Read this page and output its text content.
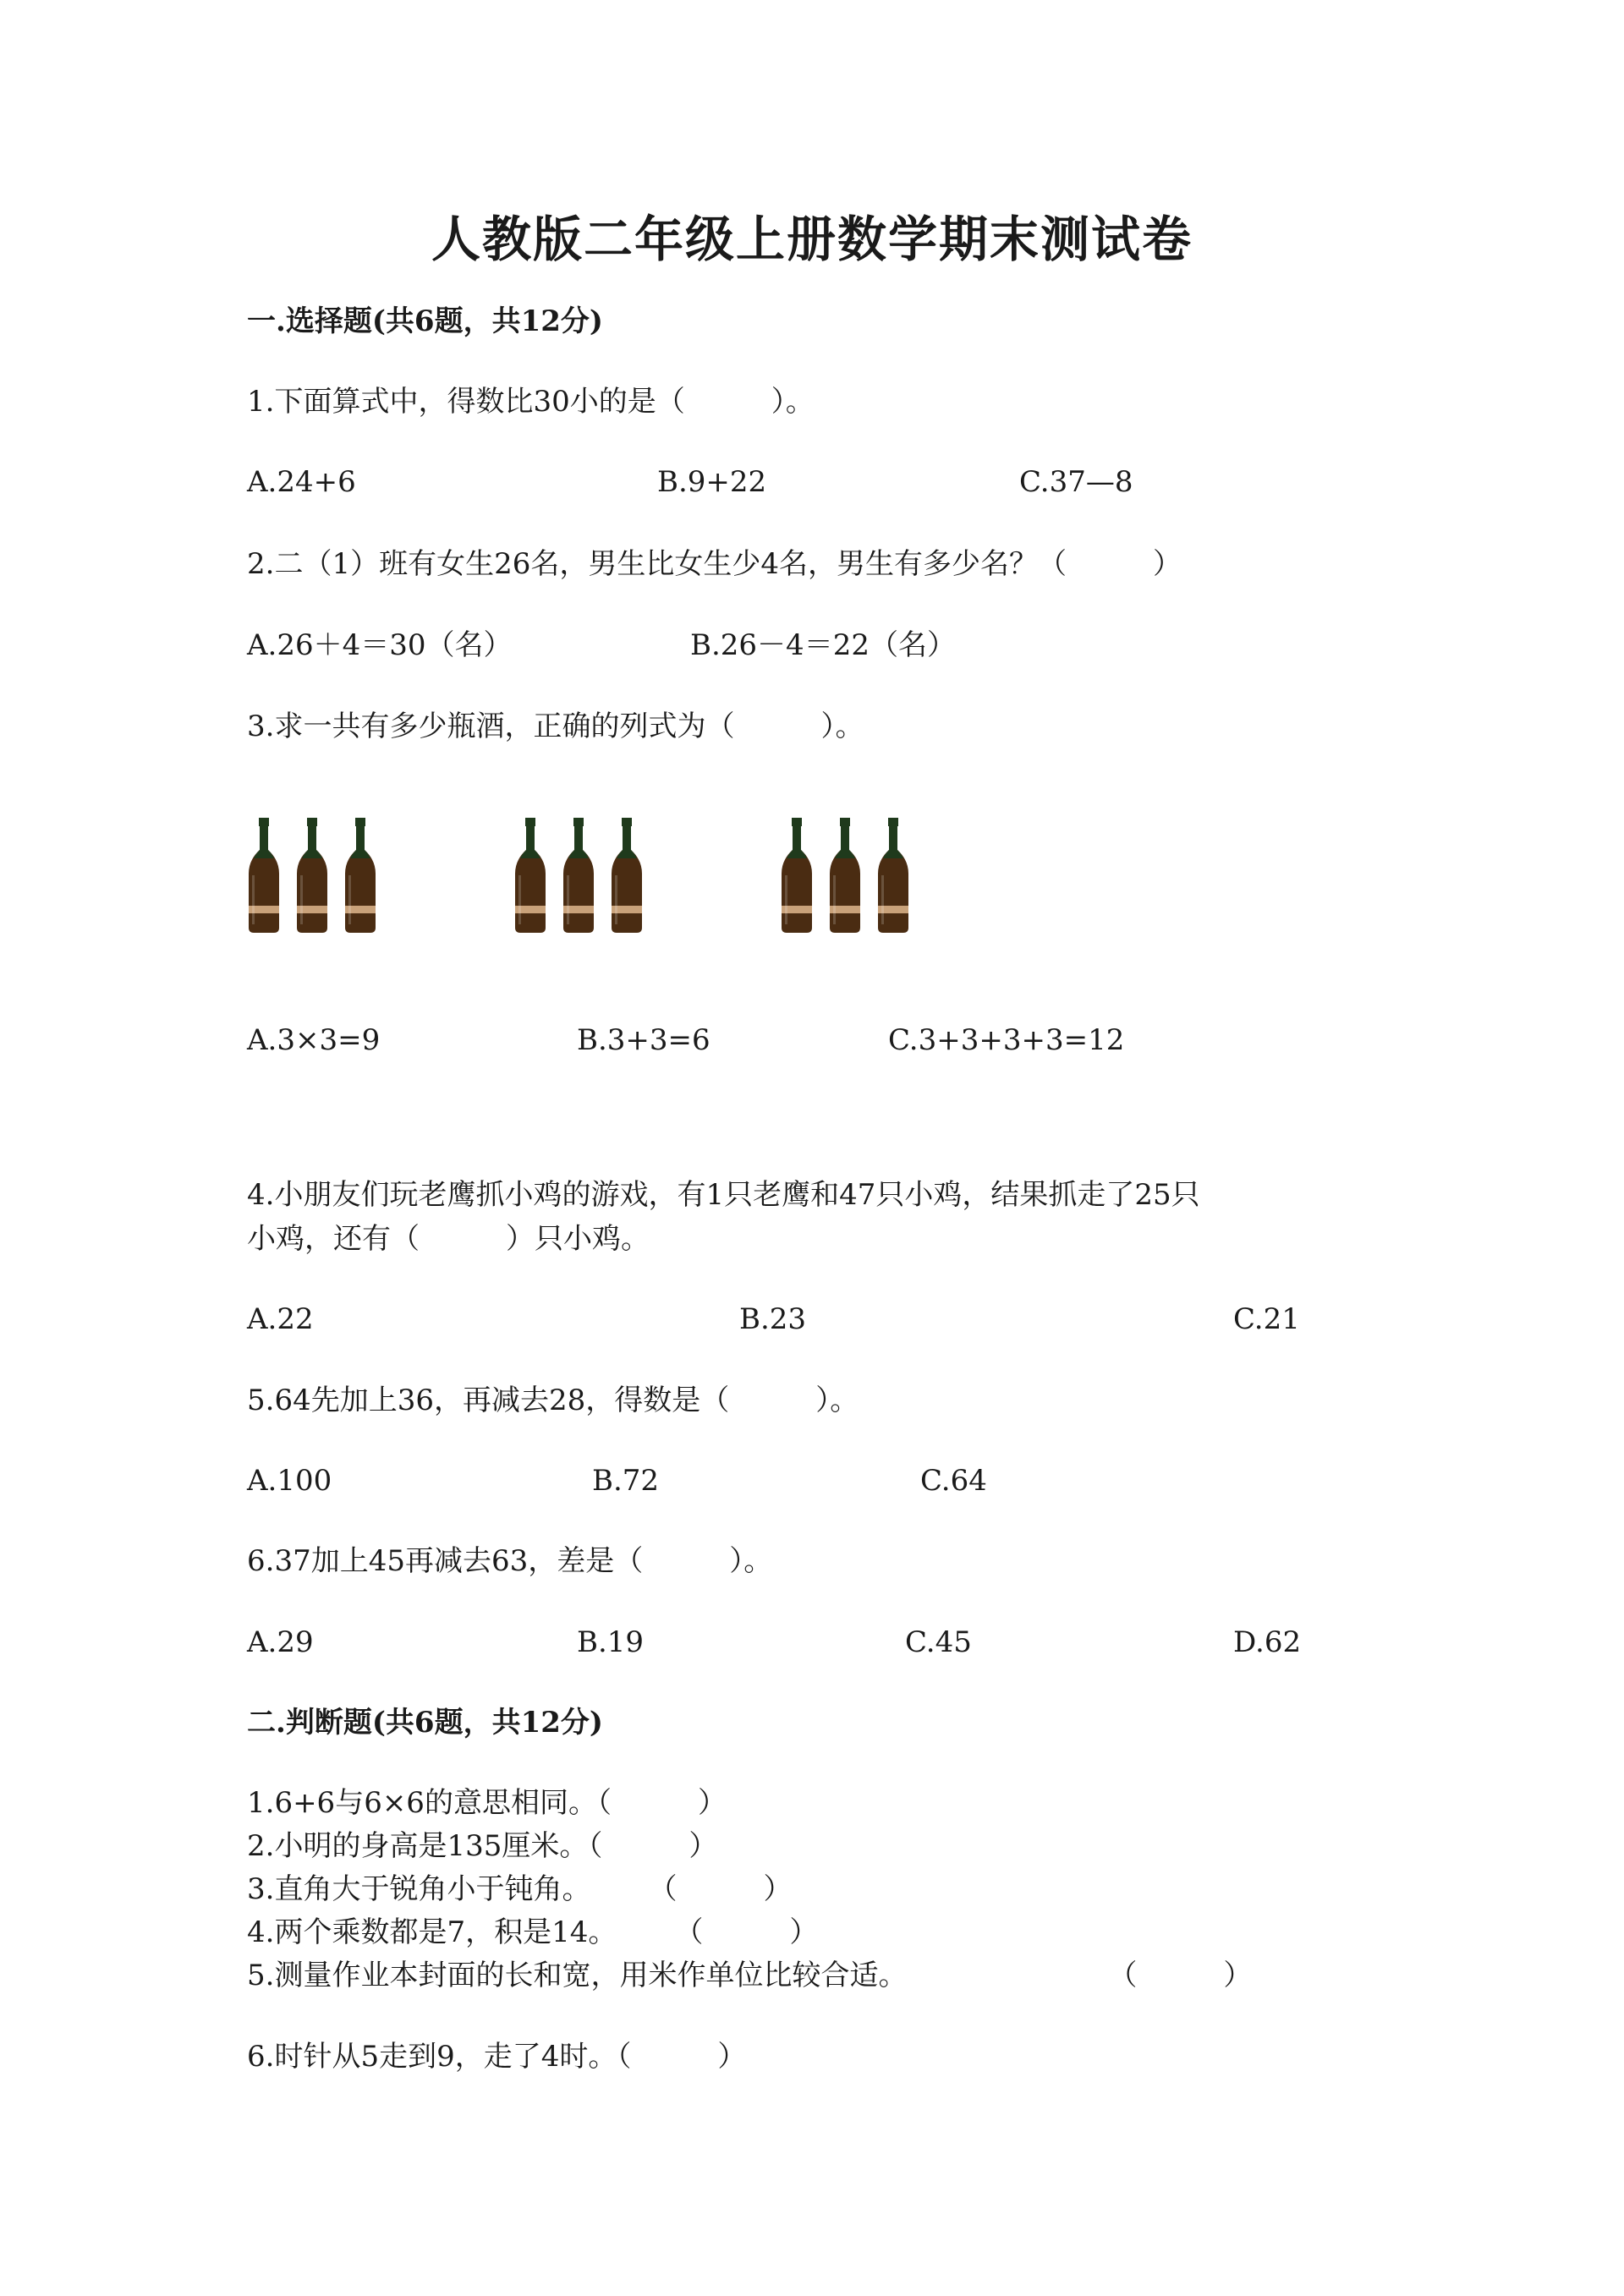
人教版二年级上册数学期末测试卷
一.选择题(共6题，共12分)
1.下面算式中，得数比30小的是（　　　）。
A.24+6	B.9+22	C.37—8
2.二（1）班有女生26名，男生比女生少4名，男生有多少名？（　　　）
A.26＋4＝30（名）	B.26－4＝22（名）
3.求一共有多少瓶酒，正确的列式为（　　　）。
A.3×3=9	B.3+3=6	C.3+3+3+3=12
4.小朋友们玩老鹰抓小鸡的游戏，有1只老鹰和47只小鸡，结果抓走了25只
小鸡，还有（　　　）只小鸡。
A.22	B.23	C.21
5.64先加上36，再减去28，得数是（　　　）。
A.100	B.72	C.64
6.37加上45再减去63，差是（　　　）。
A.29	B.19	C.45	D.62
二.判断题(共6题，共12分)
1.6+6与6×6的意思相同。（　　　）
2.小明的身高是135厘米。（　　　）
3.直角大于锐角小于钝角。　　　（　　　）
4.两个乘数都是7，积是14。　　　（　　　）
5.测量作业本封面的长和宽，用米作单位比较合适。　　　　　　　　（　　　）
6.时针从5走到9，走了4时。（　　　）
